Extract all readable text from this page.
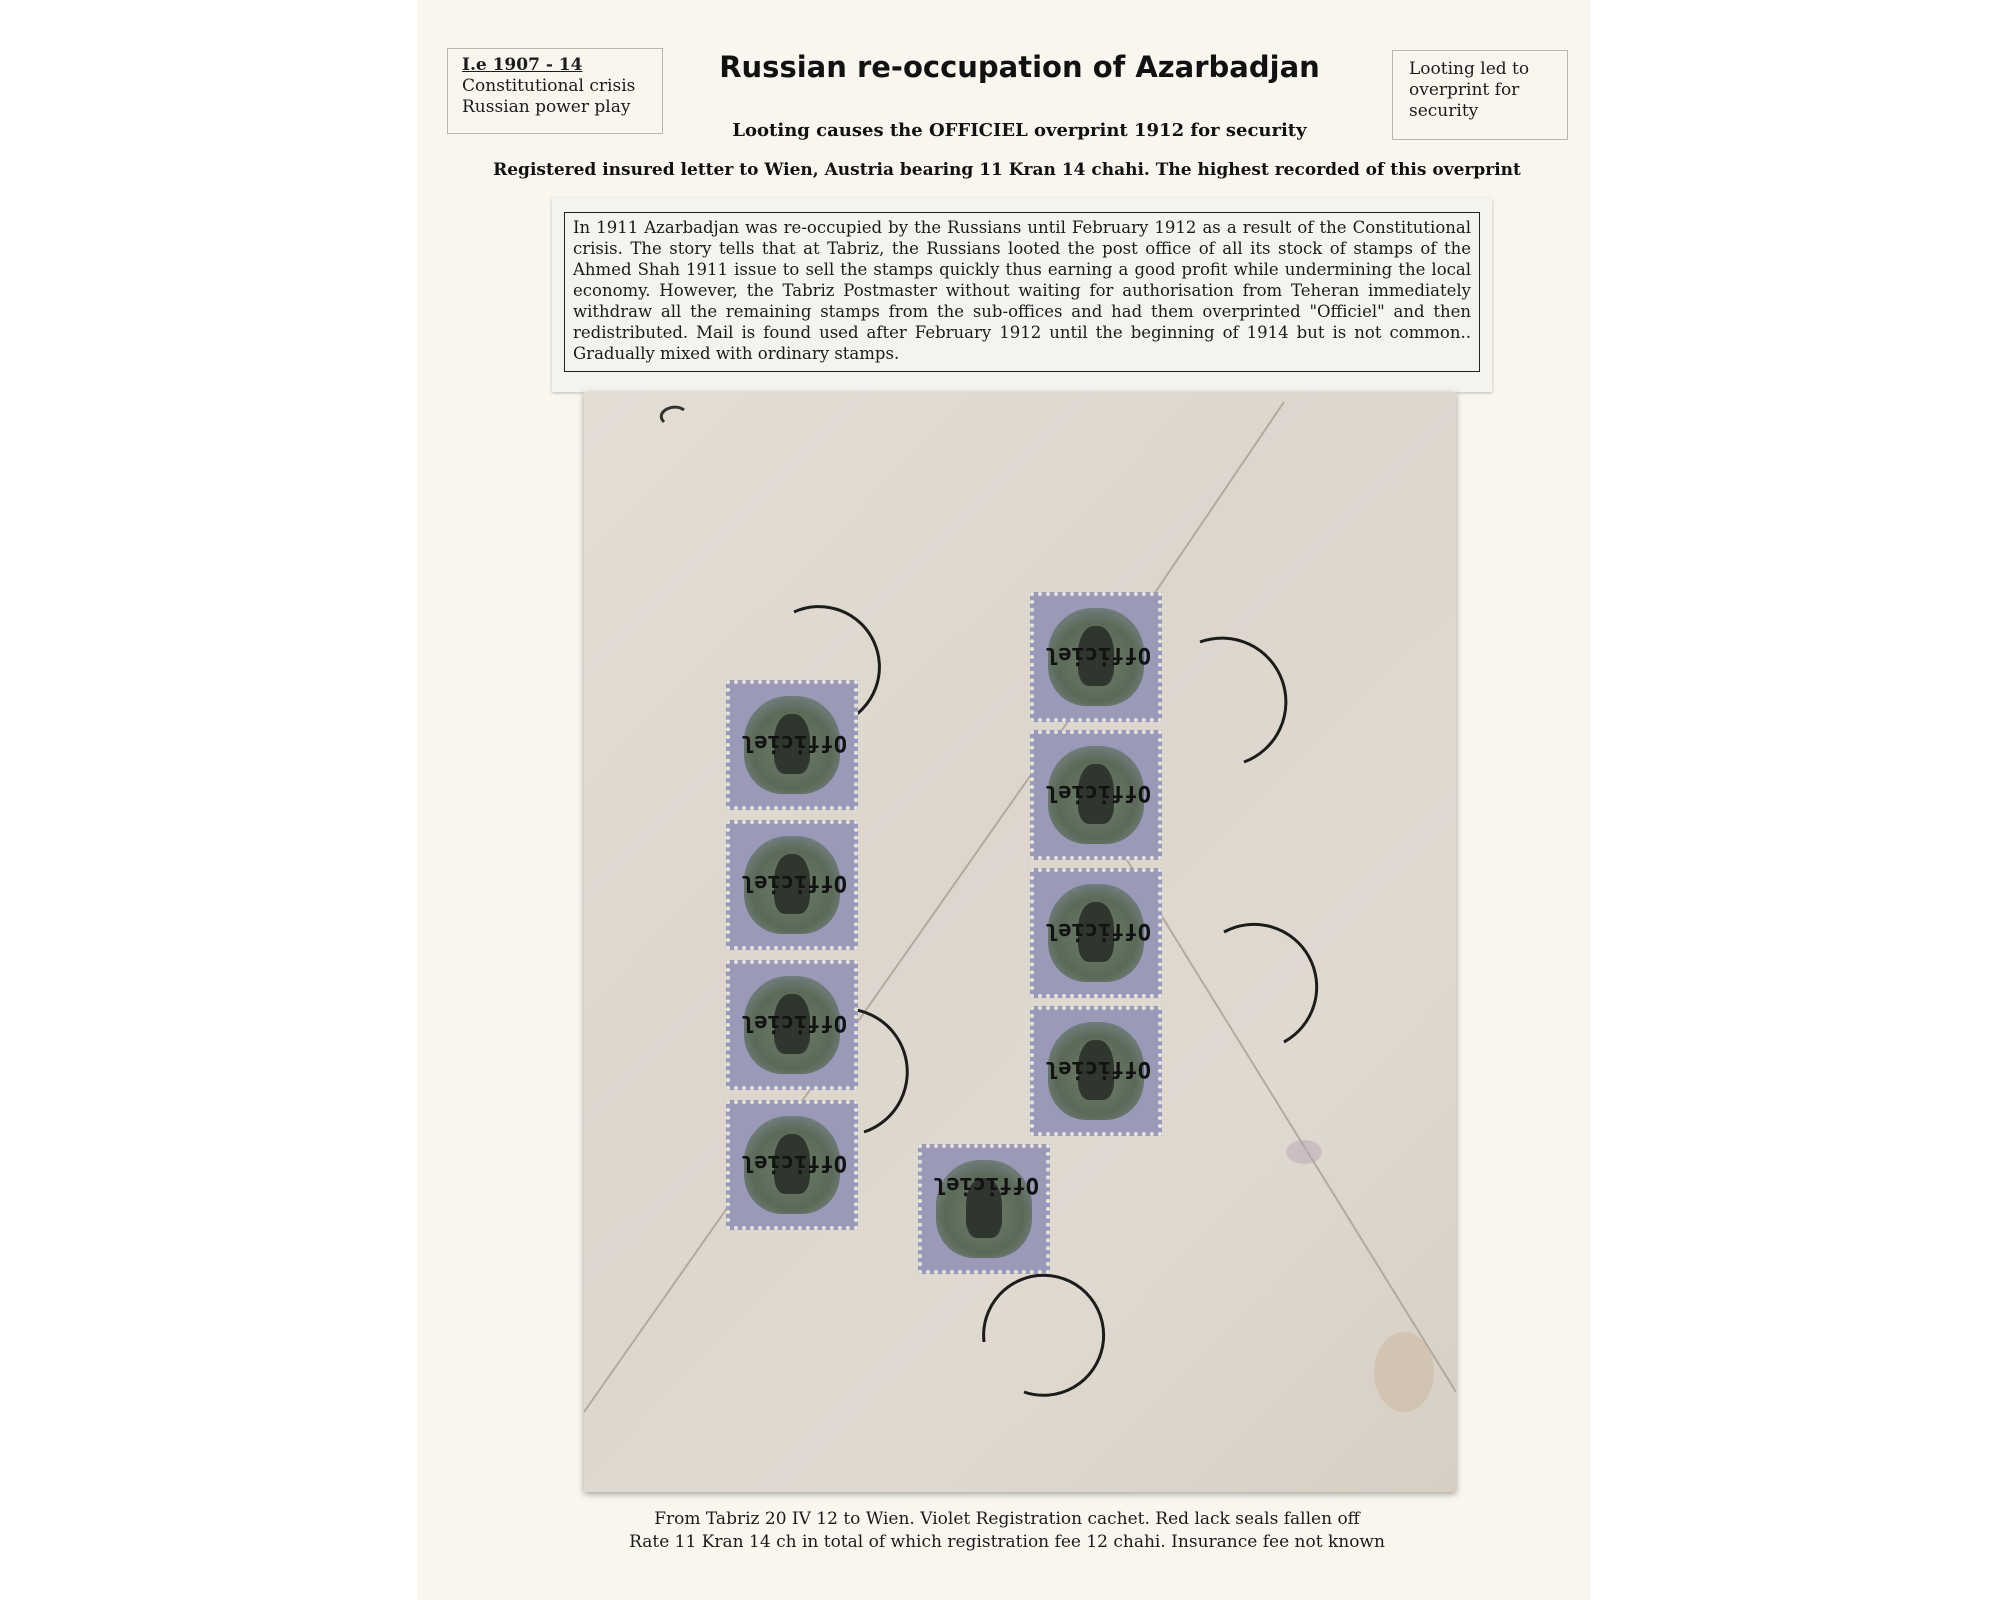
I.e 1907 - 14
Constitutional crisis
Russian power play
Russian re-occupation of Azarbadjan	Looting led to
overprint for
security
Looting causes the OFFICIEL overprint 1912 for security
Registered insured letter to Wien, Austria bearing 11 Kran 14 chahi. The highest recorded of this overprint
In 1911 Azarbadjan was re-occupied by the Russians until February 1912 as a result of the Constitutional crisis. The story tells that at Tabriz, the Russians looted the post office of all its stock of stamps of the Ahmed Shah 1911 issue to sell the stamps quickly thus earning a good profit while undermining the local economy. However, the Tabriz Postmaster without waiting for authorisation from Teheran immediately withdraw all the remaining stamps from the sub-offices and had them overprinted "Officiel" and then redistributed. Mail is found used after February 1912 until the beginning of 1914 but is not common.. Gradually mixed with ordinary stamps.
Officiel
Officiel
Officiel
Officiel
Officiel
Officiel
Officiel
Officiel
Officiel
From Tabriz 20 IV 12 to Wien. Violet Registration cachet. Red lack seals fallen off
Rate 11 Kran 14 ch in total of which registration fee 12 chahi. Insurance fee not known
